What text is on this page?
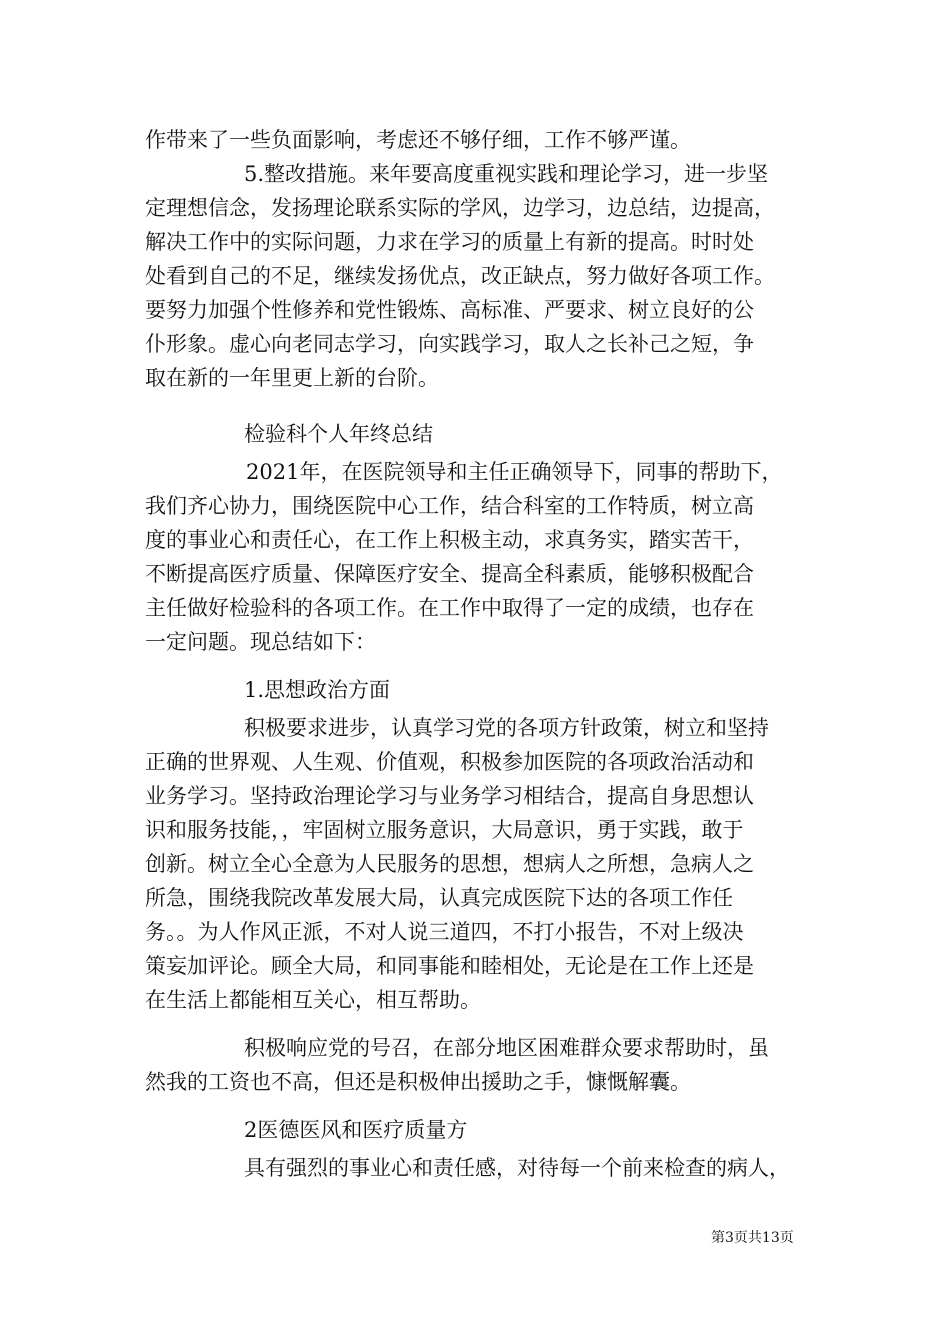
作带来了一些负面影响，考虑还不够仔细，工作不够严谨。
5.整改措施。来年要高度重视实践和理论学习，进一步坚
定理想信念，发扬理论联系实际的学风，边学习，边总结，边提高，
解决工作中的实际问题，力求在学习的质量上有新的提高。时时处
处看到自己的不足，继续发扬优点，改正缺点，努力做好各项工作。
要努力加强个性修养和党性锻炼、高标准、严要求、树立良好的公
仆形象。虚心向老同志学习，向实践学习，取人之长补己之短，争
取在新的一年里更上新的台阶。
检验科个人年终总结
2021年，在医院领导和主任正确领导下，同事的帮助下，
我们齐心协力，围绕医院中心工作，结合科室的工作特质，树立高
度的事业心和责任心，在工作上积极主动，求真务实，踏实苦干，
不断提高医疗质量、保障医疗安全、提高全科素质，能够积极配合
主任做好检验科的各项工作。在工作中取得了一定的成绩，也存在
一定问题。现总结如下：
1.思想政治方面
积极要求进步，认真学习党的各项方针政策，树立和坚持
正确的世界观、人生观、价值观，积极参加医院的各项政治活动和
业务学习。坚持政治理论学习与业务学习相结合，提高自身思想认
识和服务技能，，牢固树立服务意识，大局意识，勇于实践，敢于
创新。树立全心全意为人民服务的思想，想病人之所想，急病人之
所急，围绕我院改革发展大局，认真完成医院下达的各项工作任
务。。为人作风正派，不对人说三道四，不打小报告，不对上级决
策妄加评论。顾全大局，和同事能和睦相处，无论是在工作上还是
在生活上都能相互关心，相互帮助。
积极响应党的号召，在部分地区困难群众要求帮助时，虽
然我的工资也不高，但还是积极伸出援助之手，慷慨解囊。
2医德医风和医疗质量方
具有强烈的事业心和责任感，对待每一个前来检查的病人，
第3页共13页
